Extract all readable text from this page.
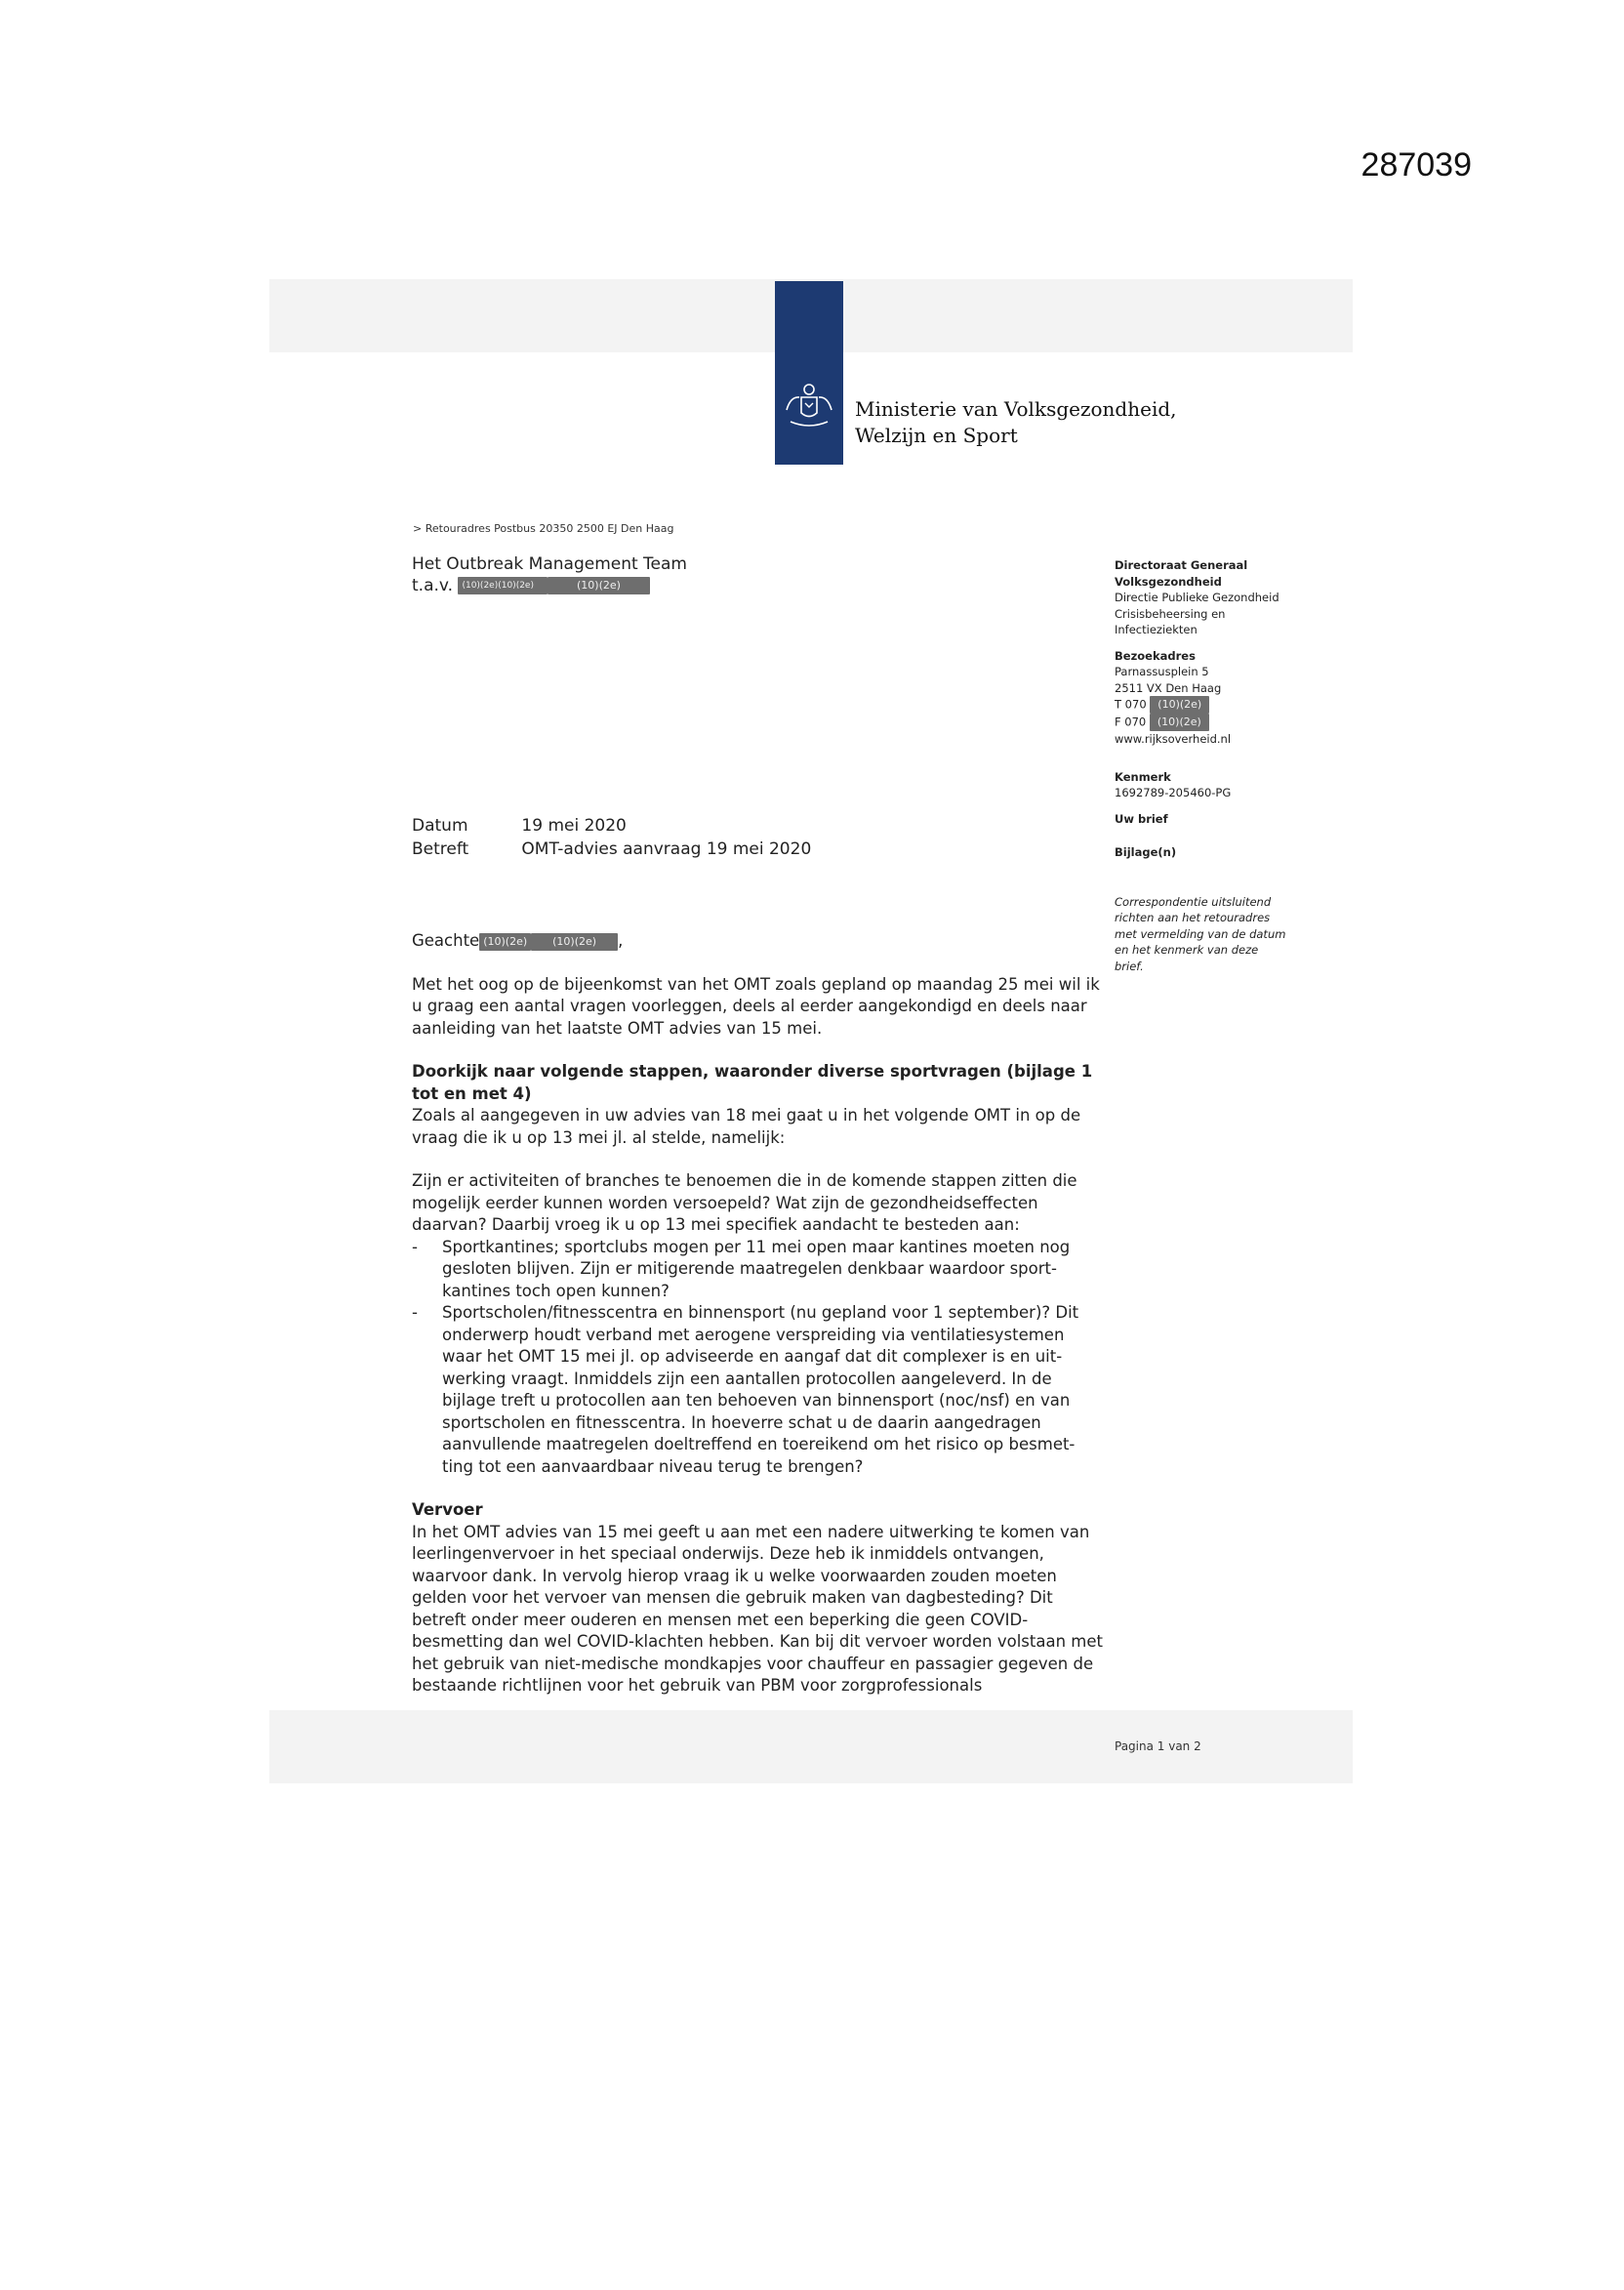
287039
Ministerie van Volksgezondheid,
Welzijn en Sport
> Retouradres Postbus 20350 2500 EJ Den Haag
Het Outbreak Management Team
t.a.v. (10)(2e)(10)(2e)	(10)(2e)
Datum	19 mei 2020
Betreft	OMT-advies aanvraag 19 mei 2020
Directoraat Generaal
Volksgezondheid
Directie Publieke Gezondheid
Crisisbeheersing en
Infectieziekten
Bezoekadres
Parnassusplein 5
2511 VX Den Haag
T 070 (10)(2e)
F 070 (10)(2e)
www.rijksoverheid.nl
Kenmerk
1692789-205460-PG
Uw brief
Bijlage(n)
Correspondentie uitsluitend richten aan het retouradres met vermelding van de datum en het kenmerk van deze brief.

Geachte (10)(2e) (10)(2e) ,

Met het oog op de bijeenkomst van het OMT zoals gepland op maandag 25 mei wil ik u graag een aantal vragen voorleggen, deels al eerder aangekondigd en deels naar aanleiding van het laatste OMT advies van 15 mei.

Doorkijk naar volgende stappen, waaronder diverse sportvragen (bijlage 1 tot en met 4)

Zoals al aangegeven in uw advies van 18 mei gaat u in het volgende OMT in op de vraag die ik u op 13 mei jl. al stelde, namelijk:

Zijn er activiteiten of branches te benoemen die in de komende stappen zitten die mogelijk eerder kunnen worden versoepeld? Wat zijn de gezondheidseffecten daarvan? Daarbij vroeg ik u op 13 mei specifiek aandacht te besteden aan:

- Sportkantines; sportclubs mogen per 11 mei open maar kantines moeten nog gesloten blijven. Zijn er mitigerende maatregelen denkbaar waardoor sport-kantines toch open kunnen?
- Sportscholen/fitnesscentra en binnensport (nu gepland voor 1 september)? Dit onderwerp houdt verband met aerogene verspreiding via ventilatiesystemen waar het OMT 15 mei jl. op adviseerde en aangaf dat dit complexer is en uit-werking vraagt. Inmiddels zijn een aantallen protocollen aangeleverd. In de bijlage treft u protocollen aan ten behoeven van binnensport (noc/nsf) en van sportscholen en fitnesscentra. In hoeverre schat u de daarin aangedragen aanvullende maatregelen doeltreffend en toereikend om het risico op besmet-ting tot een aanvaardbaar niveau terug te brengen?

Vervoer

In het OMT advies van 15 mei geeft u aan met een nadere uitwerking te komen van leerlingenvervoer in het speciaal onderwijs. Deze heb ik inmiddels ontvangen, waarvoor dank. In vervolg hierop vraag ik u welke voorwaarden zouden moeten gelden voor het vervoer van mensen die gebruik maken van dagbesteding? Dit betreft onder meer ouderen en mensen met een beperking die geen COVID-besmetting dan wel COVID-klachten hebben. Kan bij dit vervoer worden volstaan met het gebruik van niet-medische mondkapjes voor chauffeur en passagier gegeven de bestaande richtlijnen voor het gebruik van PBM voor zorgprofessionals

Pagina 1 van 2
